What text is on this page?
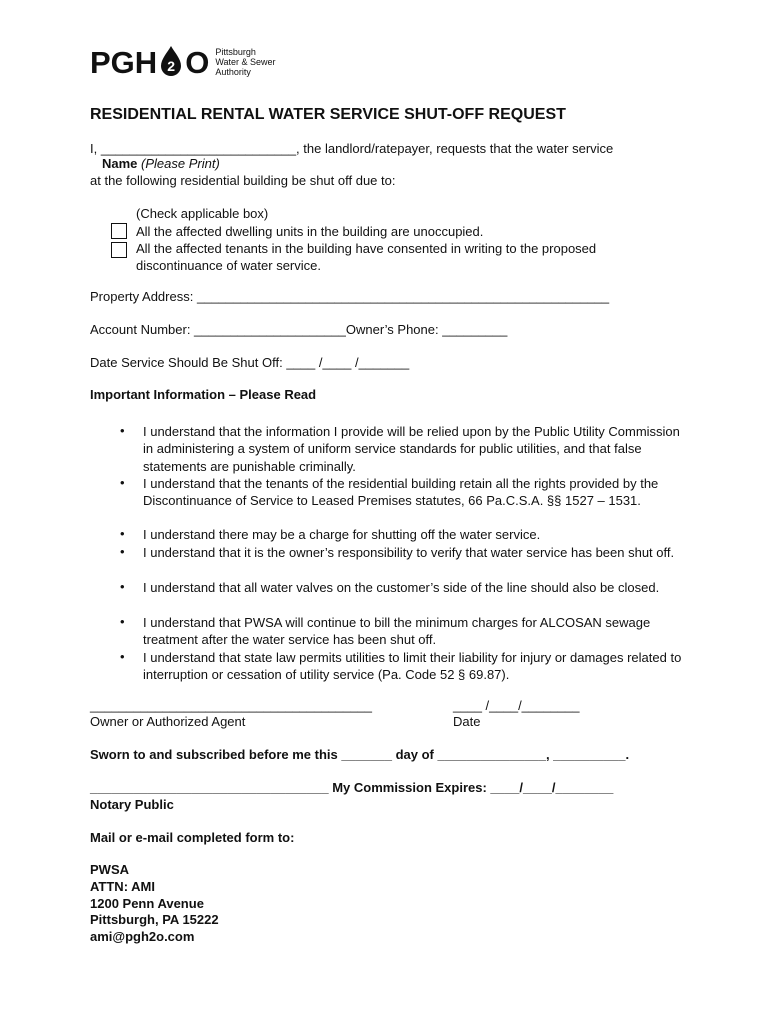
PGH 2 O Pittsburgh
Water & Sewer
Authority
RESIDENTIAL RENTAL WATER SERVICE SHUT-OFF REQUEST
I, ___________________________, the landlord/ratepayer, requests that the water service
Name (Please Print)
at the following residential building be shut off due to:
(Check applicable box)
All the affected dwelling units in the building are unoccupied.
All the affected tenants in the building have consented in writing to the proposed
discontinuance of water service.
Property Address: _________________________________________________________
Account Number: _____________________Owner’s Phone: _________
Date Service Should Be Shut Off: ____ /____ /_______
Important Information – Please Read
• I understand that the information I provide will be relied upon by the Public Utility Commission in administering a system of uniform service standards for public utilities, and that false statements are punishable criminally.
• I understand that the tenants of the residential building retain all the rights provided by the Discontinuance of Service to Leased Premises statutes, 66 Pa.C.S.A. §§ 1527 – 1531.
• I understand there may be a charge for shutting off the water service.
• I understand that it is the owner’s responsibility to verify that water service has been shut off.
• I understand that all water valves on the customer’s side of the line should also be closed.
• I understand that PWSA will continue to bill the minimum charges for ALCOSAN sewage treatment after the water service has been shut off.
• I understand that state law permits utilities to limit their liability for injury or damages related to interruption or cessation of utility service (Pa. Code 52 § 69.87).
_______________________________________	____ /____/________
Owner or Authorized Agent	Date
Sworn to and subscribed before me this _______ day of _______________, __________.
_________________________________ My Commission Expires: ____/____/________
Notary Public
Mail or e-mail completed form to:
PWSA
ATTN: AMI
1200 Penn Avenue
Pittsburgh, PA 15222
ami@pgh2o.com
